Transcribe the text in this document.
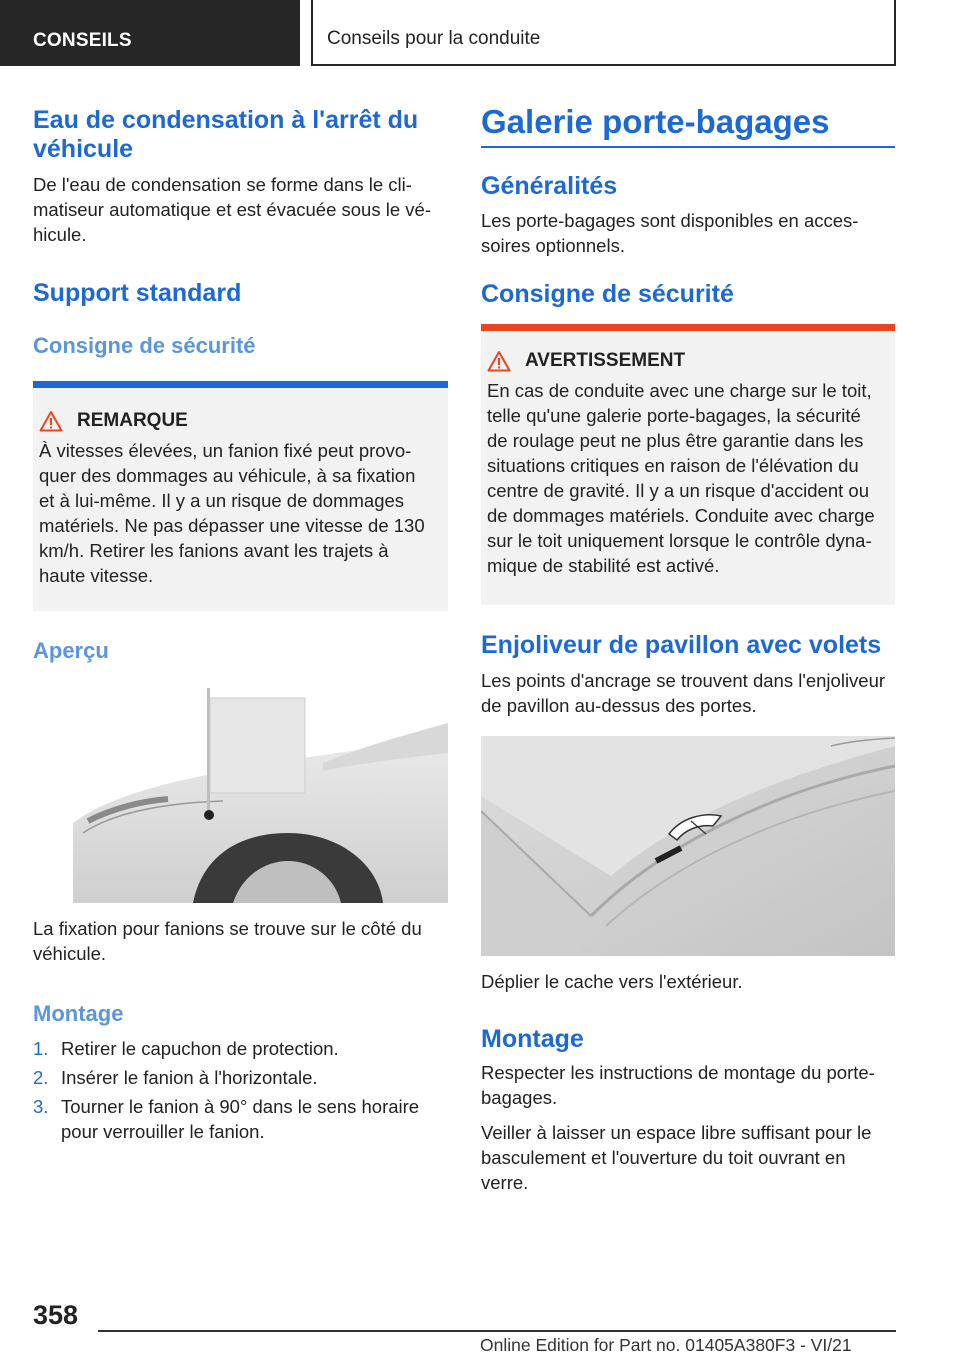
CONSEILS	Conseils pour la conduite
Eau de condensation à l'arrêt du véhicule
De l'eau de condensation se forme dans le climatiseur automatique et est évacuée sous le véhicule.
Support standard
Consigne de sécurité
REMARQUE
À vitesses élevées, un fanion fixé peut provoquer des dommages au véhicule, à sa fixation et à lui-même. Il y a un risque de dommages matériels. Ne pas dépasser une vitesse de 130 km/h. Retirer les fanions avant les trajets à haute vitesse.
Aperçu
La fixation pour fanions se trouve sur le côté du véhicule.
Montage
1. Retirer le capuchon de protection.
2. Insérer le fanion à l'horizontale.
3. Tourner le fanion à 90° dans le sens horaire pour verrouiller le fanion.
Galerie porte-bagages
Généralités
Les porte-bagages sont disponibles en accessoires optionnels.
Consigne de sécurité
AVERTISSEMENT
En cas de conduite avec une charge sur le toit, telle qu'une galerie porte-bagages, la sécurité de roulage peut ne plus être garantie dans les situations critiques en raison de l'élévation du centre de gravité. Il y a un risque d'accident ou de dommages matériels. Conduite avec charge sur le toit uniquement lorsque le contrôle dynamique de stabilité est activé.
Enjoliveur de pavillon avec volets
Les points d'ancrage se trouvent dans l'enjoliveur de pavillon au-dessus des portes.
Déplier le cache vers l'extérieur.
Montage
Respecter les instructions de montage du porte-bagages.
Veiller à laisser un espace libre suffisant pour le basculement et l'ouverture du toit ouvrant en verre.
358
Online Edition for Part no. 01405A380F3 - VI/21
